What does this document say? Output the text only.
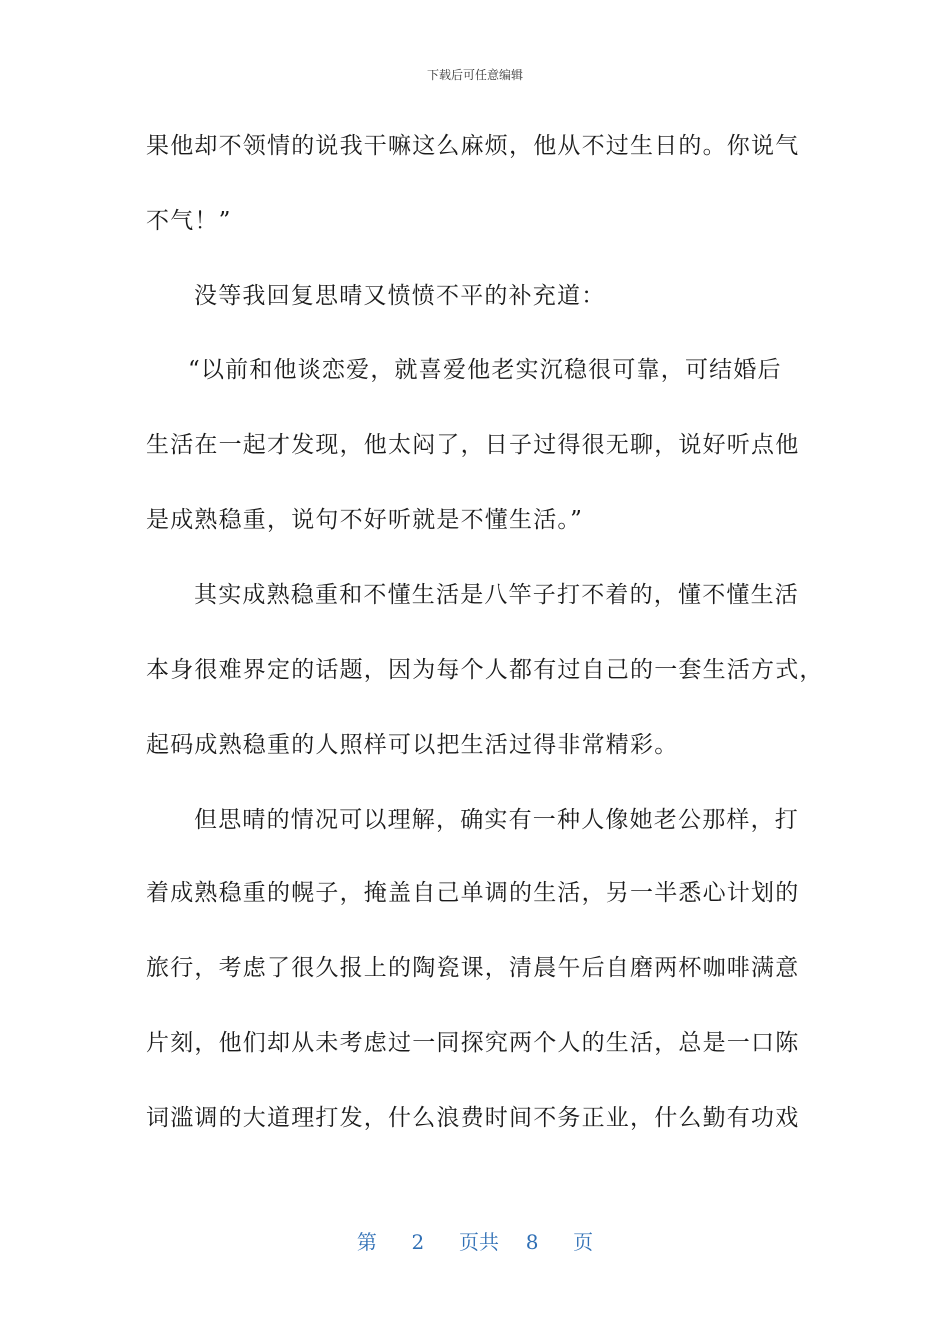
下载后可任意编辑
果他却不领情的说我干嘛这么麻烦，他从不过生日的。你说气
不气！”
没等我回复思晴又愤愤不平的补充道：
“以前和他谈恋爱，就喜爱他老实沉稳很可靠，可结婚后
生活在一起才发现，他太闷了，日子过得很无聊，说好听点他
是成熟稳重，说句不好听就是不懂生活。”
其实成熟稳重和不懂生活是八竿子打不着的，懂不懂生活
本身很难界定的话题，因为每个人都有过自己的一套生活方式，
起码成熟稳重的人照样可以把生活过得非常精彩。
但思晴的情况可以理解，确实有一种人像她老公那样，打
着成熟稳重的幌子，掩盖自己单调的生活，另一半悉心计划的
旅行，考虑了很久报上的陶瓷课，清晨午后自磨两杯咖啡满意
片刻，他们却从未考虑过一同探究两个人的生活，总是一口陈
词滥调的大道理打发，什么浪费时间不务正业，什么勤有功戏
第 2 页共 8 页
